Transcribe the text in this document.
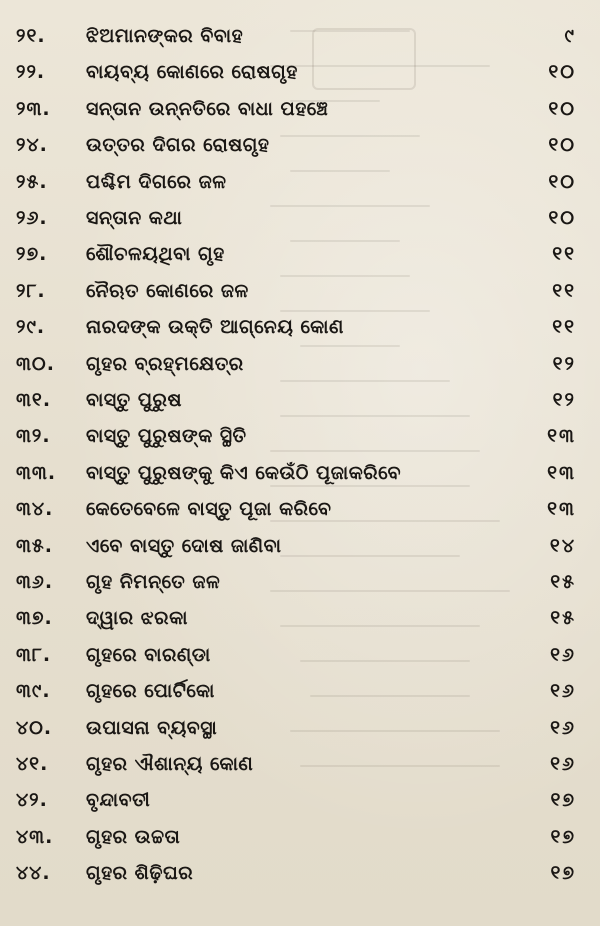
୨୧. ଝିଅମାନଙ୍କର ବିବାହ	୯
୨୨. ବାୟବ୍ୟ କୋଣରେ ରୋଷଗୃହ	୧୦
୨୩. ସନ୍ତାନ ଉନ୍ନତିରେ ବାଧା ପହଞ୍ଚେ	୧୦
୨୪. ଉତ୍ତର ଦିଗର ରୋଷଗୃହ	୧୦
୨୫. ପଶ୍ଚିମ ଦିଗରେ ଜଳ	୧୦
୨୬. ସନ୍ତାନ କଥା	୧୦
୨୭. ଶୌଚଳୟଥିବା ଗୃହ	୧୧
୨୮. ନୈଋତ କୋଣରେ ଜଳ	୧୧
୨୯. ନାରଦଙ୍କ ଉକ୍ତି ଆଗ୍ନେୟ କୋଣ	୧୧
୩୦. ଗୃହର ବ୍ରହ୍ମକ୍ଷେତ୍ର	୧୨
୩୧. ବାସ୍ତୁ ପୁରୁଷ	୧୨
୩୨. ବାସ୍ତୁ ପୁରୁଷଙ୍କ ସ୍ଥିତି	୧୩
୩୩. ବାସ୍ତୁ ପୁରୁଷଙ୍କୁ କିଏ କେଉଁଠି ପୂଜାକରିବେ	୧୩
୩୪. କେତେବେଳେ ବାସ୍ତୁ ପୂଜା କରିବେ	୧୩
୩୫. ଏବେ ବାସ୍ତୁ ଦୋଷ ଜାଣିବା	୧୪
୩୬. ଗୃହ ନିମନ୍ତେ ଜଳ	୧୫
୩୭. ଦ୍ୱାର ଝରକା	୧୫
୩୮. ଗୃହରେ ବାରଣ୍ଡା	୧୬
୩୯. ଗୃହରେ ପୋର୍ଟିକୋ	୧୬
୪୦. ଉପାସନା ବ୍ୟବସ୍ଥା	୧୬
୪୧. ଗୃହର ଐଶାନ୍ୟ କୋଣ	୧୬
୪୨. ବୃନ୍ଦାବତୀ	୧୭
୪୩. ଗୃହର ଉଚ୍ଚତା	୧୭
୪୪. ଗୃହର ଶିଢ଼ିଘର	୧୭
